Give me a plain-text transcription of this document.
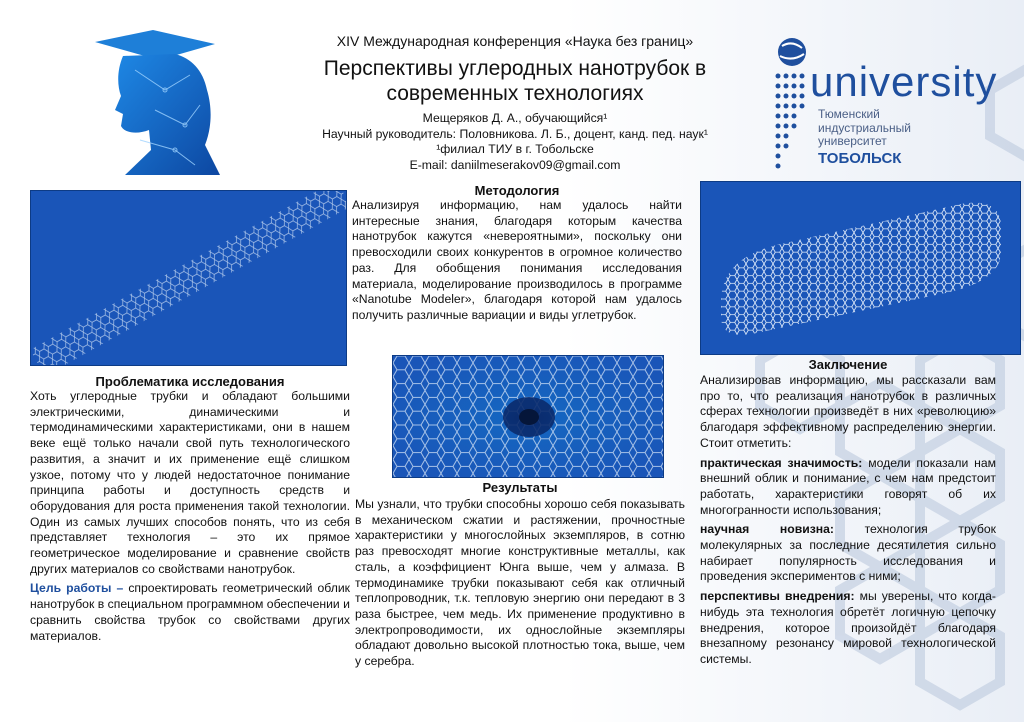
university
Тюменский
индустриальный
университет
ТОБОЛЬСК
XIV Международная конференция «Наука без границ»
Перспективы углеродных нанотрубок в
современных технологиях
Мещеряков Д. А., обучающийся¹
Научный руководитель: Половникова. Л. Б., доцент, канд. пед. наук¹
¹филиал ТИУ в г. Тобольске
E-mail: daniilmeserakov09@gmail.com
Методология
Анализируя информацию, нам удалось найти интересные знания, благодаря которым качества нанотрубок кажутся «невероятными», поскольку они превосходили своих конкурентов в огромное количество раз. Для обобщения понимания исследования материала, моделирование производилось в программе «Nanotube Modeler», благодаря которой нам удалось получить различные вариации и виды углетрубок.
Проблематика исследования

Хоть углеродные трубки и обладают большими электрическими, динамическими и термодинамическими характеристиками, они в нашем веке ещё только начали свой путь технологического развития, а значит и их применение ещё слишком узкое, потому что у людей недостаточное понимание принципа работы и доступность средств и оборудования для роста применения такой технологии. Один из самых лучших способов понять, что из себя представляет технология – это их прямое геометрическое моделирование и сравнение свойств других материалов со свойствами нанотрубок.

Цель работы – спроектировать геометрический облик нанотрубок в специальном программном обеспечении и сравнить свойства трубок со свойствами других материалов.

Результаты
Мы узнали, что трубки способны хорошо себя показывать в механическом сжатии и растяжении, прочностные характеристики у многослойных экземпляров, в сотню раз превосходят многие конструктивные металлы, как сталь, а коэффициент Юнга выше, чем у алмаза. В термодинамике трубки показывают себя как отличный теплопроводник, т.к. тепловую энергию они передают в 3 раза быстрее, чем медь. Их применение продуктивно в электропроводимости, их однослойные экземпляры обладают довольно высокой плотностью тока, выше, чем у серебра.
Заключение

Анализировав информацию, мы рассказали вам про то, что реализация нанотрубок в различных сферах технологии произведёт в них «революцию» благодаря эффективному распределению энергии. Стоит отметить:

практическая значимость: модели показали нам внешний облик и понимание, с чем нам предстоит работать, характеристики говорят об их многогранности использования;

научная новизна: технология трубок молекулярных за последние десятилетия сильно набирает популярность исследования и проведения экспериментов с ними;

перспективы внедрения: мы уверены, что когда-нибудь эта технология обретёт логичную цепочку внедрения, которое произойдёт благодаря внезапному резонансу мировой технологической системы.
